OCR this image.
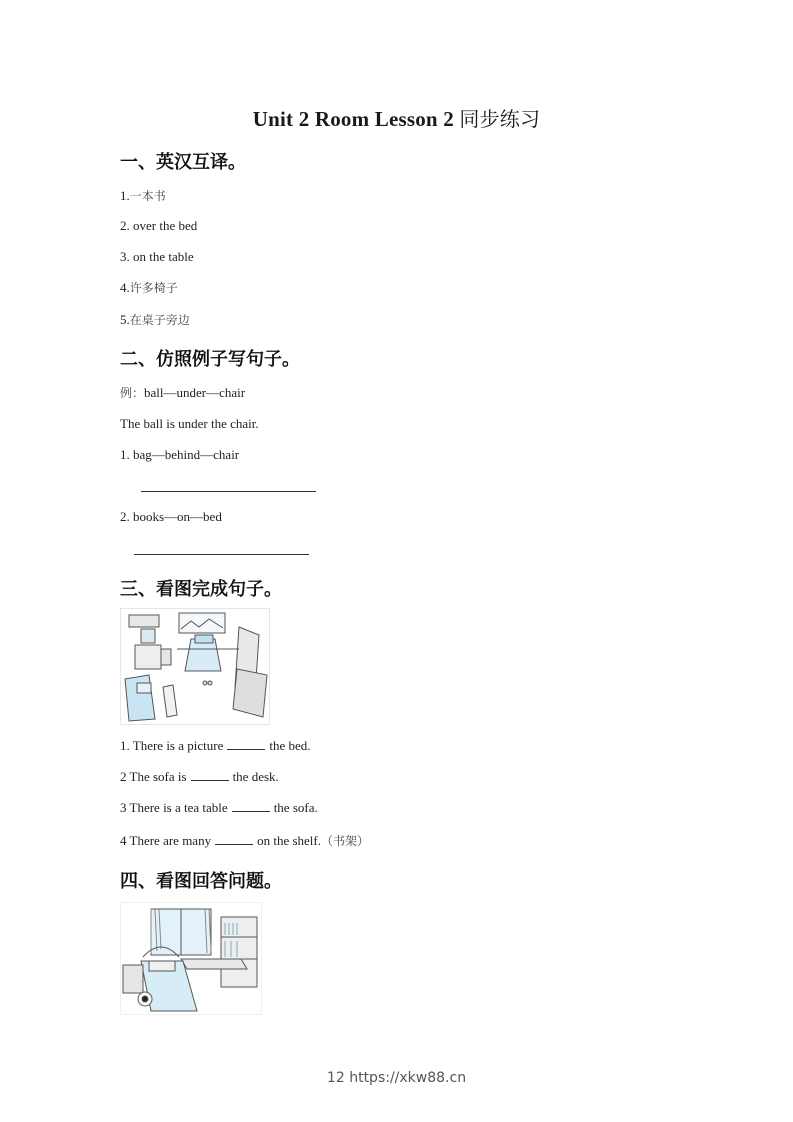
Unit 2 Room Lesson 2 同步练习
一、英汉互译。
1.一本书
2. over the bed
3. on the table
4.许多椅子
5.在桌子旁边
二、仿照例子写句子。
例：ball—under—chair
The ball is under the chair.
1. bag—behind—chair
2. books—on—bed
三、看图完成句子。
1. There is a picture	the bed.
2 The sofa is	the desk.
3 There is a tea table	the sofa.
4 There are many	on the shelf.（书架）
四、看图回答问题。
12 https://xkw88.cn
